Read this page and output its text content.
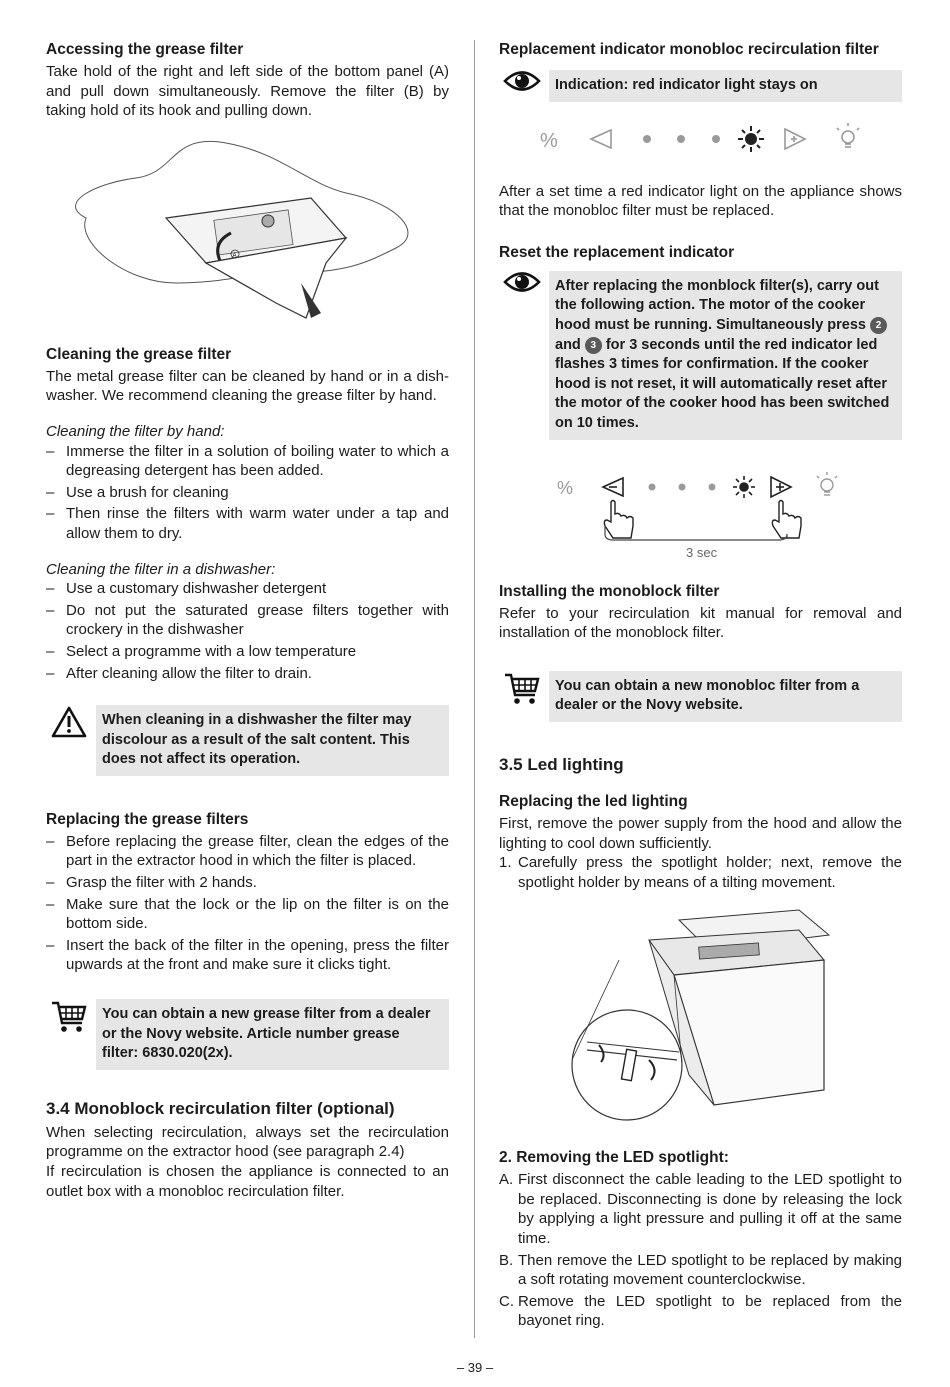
Accessing the grease filter

Take hold of the right and left side of the bottom panel (A) and pull down simultaneously. Remove the filter (B) by taking hold of its hook and pulling down.

A
Cleaning the grease filter

The metal grease filter can be cleaned by hand or in a dishwasher. We recommend cleaning the grease filter by hand.

Cleaning the filter by hand:

– Immerse the filter in a solution of boiling water to which a degreasing detergent has been added.
– Use a brush for cleaning
– Then rinse the filters with warm water under a tap and allow them to dry.

Cleaning the filter in a dishwasher:

– Use a customary dishwasher detergent
– Do not put the saturated grease filters together with crockery in the dishwasher
– Select a programme with a low temperature
– After cleaning allow the filter to drain.
When cleaning in a dishwasher the filter may discolour as a result of the salt content. This does not affect its operation.
Replacing the grease filters
– Before replacing the grease filter, clean the edges of the part in the extractor hood in which the filter is placed.
– Grasp the filter with 2 hands.
– Make sure that the lock or the lip on the filter is on the bottom side.
– Insert the back of the filter in the opening, press the filter upwards at the front and make sure it clicks tight.
You can obtain a new grease filter from a dealer or the Novy website. Article number grease filter: 6830.020(2x).
3.4 Monoblock recirculation filter (optional)

When selecting recirculation, always set the recirculation programme on the extractor hood (see paragraph 2.4)

If recirculation is chosen the appliance is connected to an outlet box with a monobloc recirculation filter.

Replacement indicator monobloc recirculation filter
Indication: red indicator light stays on
%

After a set time a red indicator light on the appliance shows that the monobloc filter must be replaced.

Reset the replacement indicator
After replacing the monblock filter(s), carry out the following action. The motor of the cooker hood must be running. Simultaneously press 2 and 3 for 3 seconds until the red indicator led flashes 3 times for confirmation. If the cooker hood is not reset, it will automatically reset after the motor of the cooker hood has been switched on 10 times.
%
3 sec
Installing the monoblock filter

Refer to your recirculation kit manual for removal and installation of the monoblock filter.

You can obtain a new monobloc filter from a dealer or the Novy website.
3.5 Led lighting
Replacing the led lighting

First, remove the power supply from the hood and allow the lighting to cool down sufficiently.

1. Carefully press the spotlight holder; next, remove the spotlight holder by means of a tilting movement.
2. Removing the LED spotlight:
A. First disconnect the cable leading to the LED spotlight to be replaced. Disconnecting is done by releasing the lock by applying a light pressure and pulling it off at the same time.
B. Then remove the LED spotlight to be replaced by making a soft rotating movement counterclockwise.
C. Remove the LED spotlight to be replaced from the bayonet ring.
– 39 –
